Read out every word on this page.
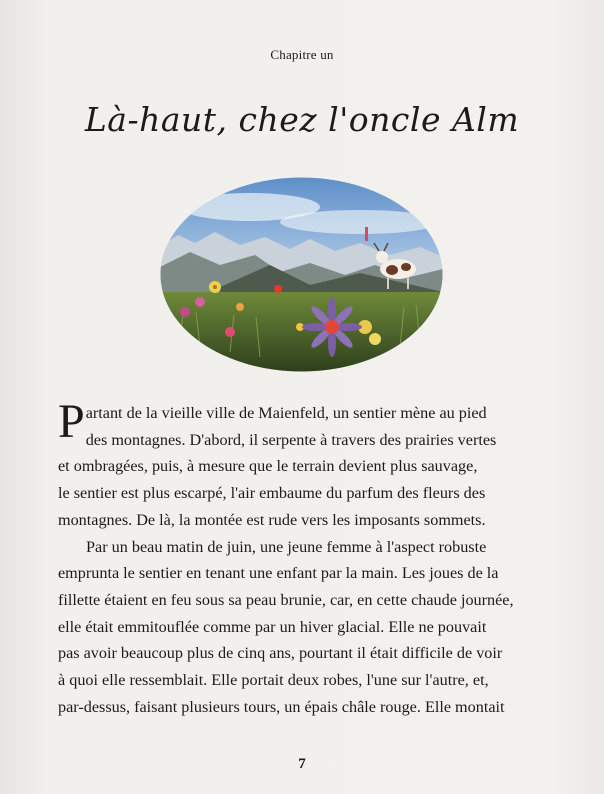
Chapitre un
Là-haut, chez l'oncle Alm

P artant de la vieille ville de Maienfeld, un sentier mène au pied
des montagnes. D'abord, il serpente à travers des prairies vertes
et ombragées, puis, à mesure que le terrain devient plus sauvage,
le sentier est plus escarpé, l'air embaume du parfum des fleurs des
montagnes. De là, la montée est rude vers les imposants sommets.

Par un beau matin de juin, une jeune femme à l'aspect robuste
emprunta le sentier en tenant une enfant par la main. Les joues de la
fillette étaient en feu sous sa peau brunie, car, en cette chaude journée,
elle était emmitouflée comme par un hiver glacial. Elle ne pouvait
pas avoir beaucoup plus de cinq ans, pourtant il était difficile de voir
à quoi elle ressemblait. Elle portait deux robes, l'une sur l'autre, et,
par-dessus, faisant plusieurs tours, un épais châle rouge. Elle montait

7
